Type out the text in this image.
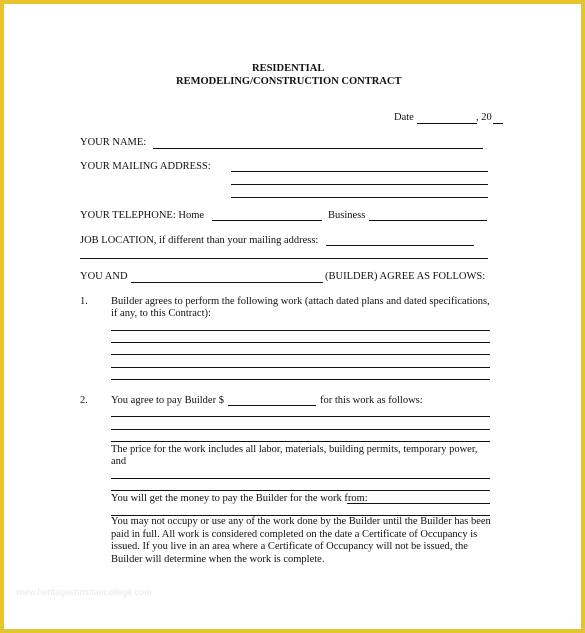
RESIDENTIAL
REMODELING/CONSTRUCTION CONTRACT
Date	, 20
YOUR NAME:
YOUR MAILING ADDRESS:
YOUR TELEPHONE: Home	Business
JOB LOCATION, if different than your mailing address:
YOU AND	(BUILDER) AGREE AS FOLLOWS:
1. Builder agrees to perform the following work (attach dated plans and dated specifications,
if any, to this Contract):
2. You agree to pay Builder $	for this work as follows:
The price for the work includes all labor, materials, building permits, temporary power,
and
You will get the money to pay the Builder for the work from:
You may not occupy or use any of the work done by the Builder until the Builder has been paid in full. All work is considered completed on the date a Certificate of Occupancy is issued. If you live in an area where a Certificate of Occupancy will not be issued, the Builder will determine when the work is complete.
www.heritagechristiancollege.com
